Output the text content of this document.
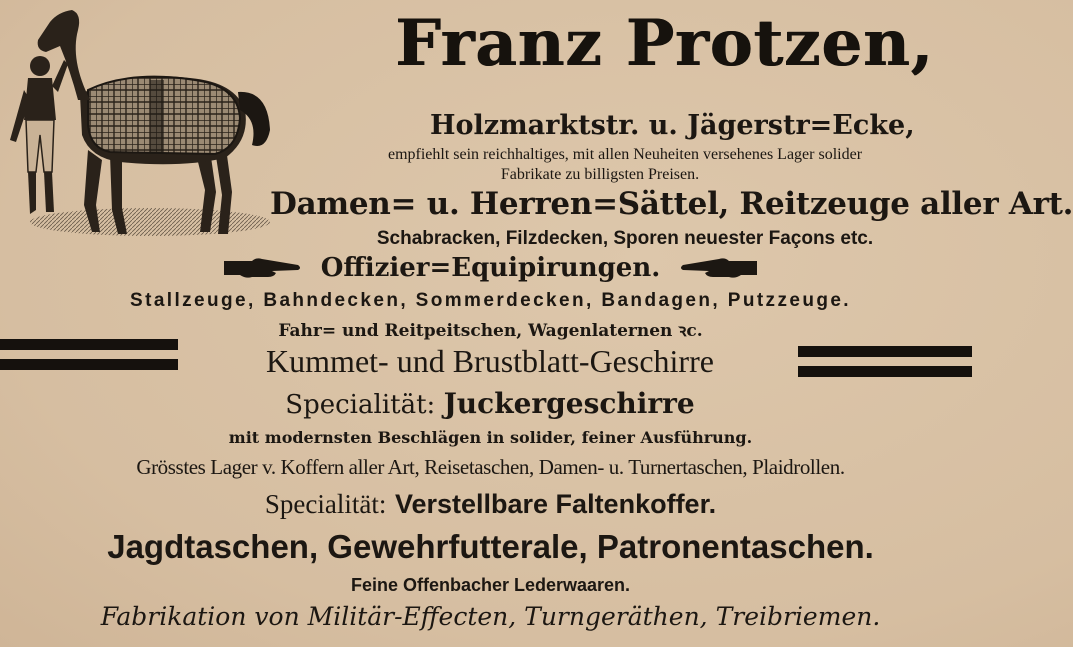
Franz Protzen,
Holzmarktstr. u. Jägerstr=Ecke,
empfiehlt sein reichhaltiges, mit allen Neuheiten versehenes Lager solider
Fabrikate zu billigsten Preisen.
Damen= u. Herren=Sättel, Reitzeuge aller Art.
Schabracken, Filzdecken, Sporen neuester Façons etc.
Offizier=Equipirungen.
Stallzeuge, Bahndecken, Sommerdecken, Bandagen, Putzzeuge.
Fahr= und Reitpeitschen, Wagenlaternen ꝛc.
Kummet- und Brustblatt-Geschirre
Specialität: Juckergeschirre
mit modernsten Beschlägen in solider, feiner Ausführung.
Grösstes Lager v. Koffern aller Art, Reisetaschen, Damen- u. Turnertaschen, Plaidrollen.
Specialität: Verstellbare Faltenkoffer.
Jagdtaschen, Gewehrfutterale, Patronentaschen.
Feine Offenbacher Lederwaaren.
Fabrikation von Militär-Effecten, Turngeräthen, Treibriemen.
